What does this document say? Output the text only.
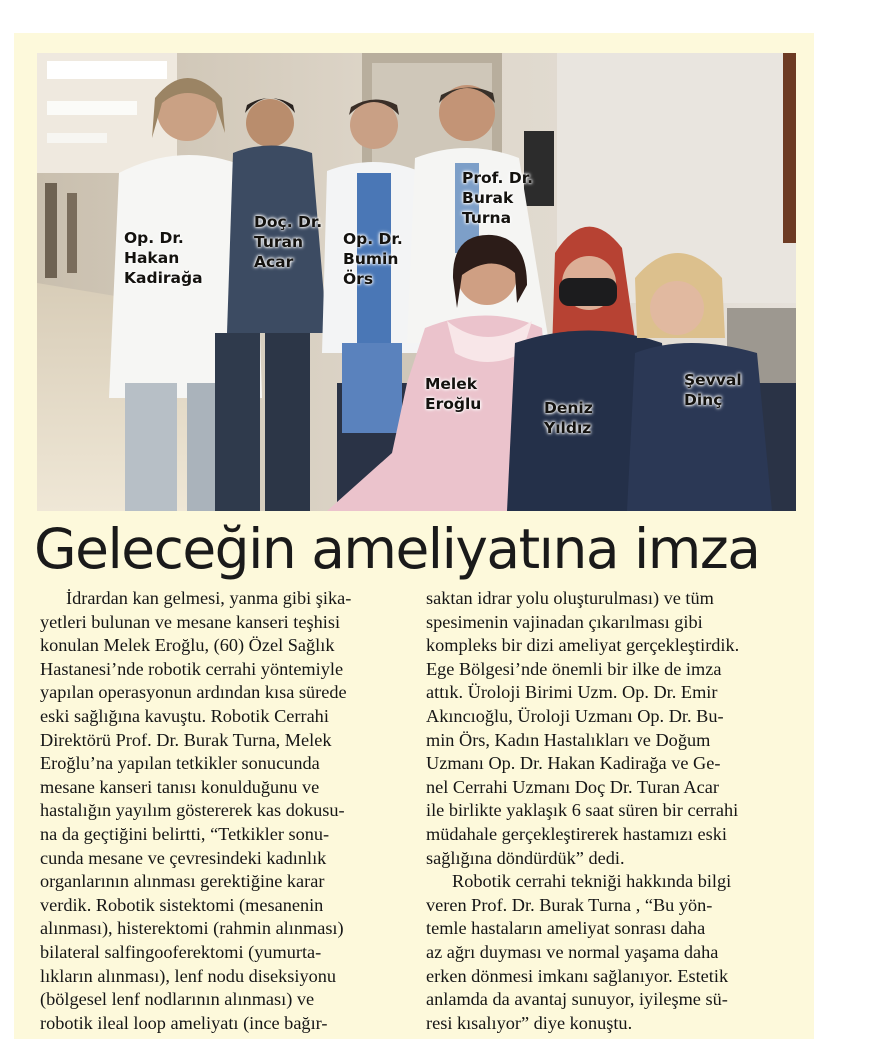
Op. Dr.
Hakan
Kadirağa
Doç. Dr.
Turan
Acar
Op. Dr.
Bumin
Örs
Prof. Dr.
Burak
Turna
Melek
Eroğlu	Deniz
Yıldız
Şevval
Dinç
Geleceğin ameliyatına imza
İdrardan kan gelmesi, yanma gibi şika-
yetleri bulunan ve mesane kanseri teşhisi
konulan Melek Eroğlu, (60) Özel Sağlık
Hastanesi’nde robotik cerrahi yöntemiyle
yapılan operasyonun ardından kısa sürede
eski sağlığına kavuştu. Robotik Cerrahi
Direktörü Prof. Dr. Burak Turna, Melek
Eroğlu’na yapılan tetkikler sonucunda
mesane kanseri tanısı konulduğunu ve
hastalığın yayılım göstererek kas dokusu-
na da geçtiğini belirtti, “Tetkikler sonu-
cunda mesane ve çevresindeki kadınlık
organlarının alınması gerektiğine karar
verdik. Robotik sistektomi (mesanenin
alınması), histerektomi (rahmin alınması)
bilateral salfingooferektomi (yumurta-
lıkların alınması), lenf nodu diseksiyonu
(bölgesel lenf nodlarının alınması) ve
robotik ileal loop ameliyatı (ince bağır-
saktan idrar yolu oluşturulması) ve tüm
spesimenin vajinadan çıkarılması gibi
kompleks bir dizi ameliyat gerçekleştirdik.
Ege Bölgesi’nde önemli bir ilke de imza
attık. Üroloji Birimi Uzm. Op. Dr. Emir
Akıncıoğlu, Üroloji Uzmanı Op. Dr. Bu-
min Örs, Kadın Hastalıkları ve Doğum
Uzmanı Op. Dr. Hakan Kadirağa ve Ge-
nel Cerrahi Uzmanı Doç Dr. Turan Acar
ile birlikte yaklaşık 6 saat süren bir cerrahi
müdahale gerçekleştirerek hastamızı eski
sağlığına döndürdük” dedi.
Robotik cerrahi tekniği hakkında bilgi
veren Prof. Dr. Burak Turna , “Bu yön-
temle hastaların ameliyat sonrası daha
az ağrı duyması ve normal yaşama daha
erken dönmesi imkanı sağlanıyor. Estetik
anlamda da avantaj sunuyor, iyileşme sü-
resi kısalıyor” diye konuştu.
